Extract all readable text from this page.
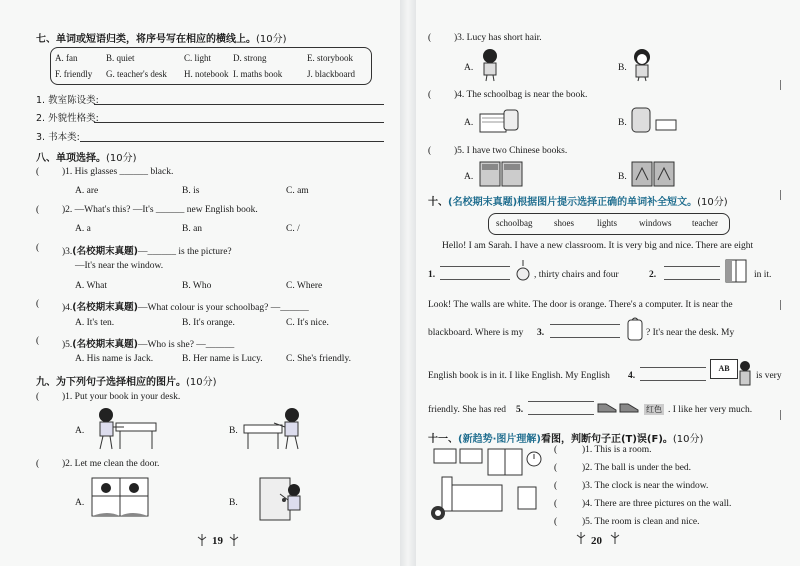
七、单词或短语归类，将序号写在相应的横线上。(10分)
A. fan	B. quiet	C. light D. strong	E. storybook
F. friendly G. teacher's desk H. notebook I. maths book	J. blackboard
1. 教室陈设类:
2. 外貌性格类:
3. 书本类:
八、单项选择。(10分)
( )1. His glasses ______ black.
A. are	B. is	C. am
( )2. —What's this? —It's ______ new English book.
A. a	B. an	C. /
( )3.(名校期末真题)—______ is the picture?
—It's near the window.
A. What	B. Who	C. Where
( )4.(名校期末真题)—What colour is your schoolbag? —______
A. It's ten.	B. It's orange.	C. It's nice.
( )5.(名校期末真题)—Who is she? —______
A. His name is Jack.	B. Her name is Lucy. C. She's friendly.
九、为下列句子选择相应的图片。(10分)
( )1. Put your book in your desk.
A.	B.
( )2. Let me clean the door.
A.	B.
19
( )3. Lucy has short hair.
A.	B.
( )4. The schoolbag is near the book.
A.	B.
( )5. I have two Chinese books.
A.	B.
十、(名校期末真题)根据图片提示选择正确的单词补全短文。(10分)
schoolbag shoes	lights windows teacher
Hello! I am Sarah. I have a new classroom. It is very big and nice. There are eight
1.	, thirty chairs and four	2.	in it.
Look! The walls are white. The door is orange. There's a computer. It is near the
blackboard. Where is my 3.	? It's near the desk. My
English book is in it. I like English. My English 4.
AB
is very
friendly. She has red 5.	红色 . I like her very much.
十一、(新趋势·图片理解)看图，判断句子正(T)误(F)。(10分)
(	)1. This is a room.
(	)2. The ball is under the bed.
(	)3. The clock is near the window.
(	)4. There are three pictures on the wall.
(	)5. The room is clean and nice.
20
